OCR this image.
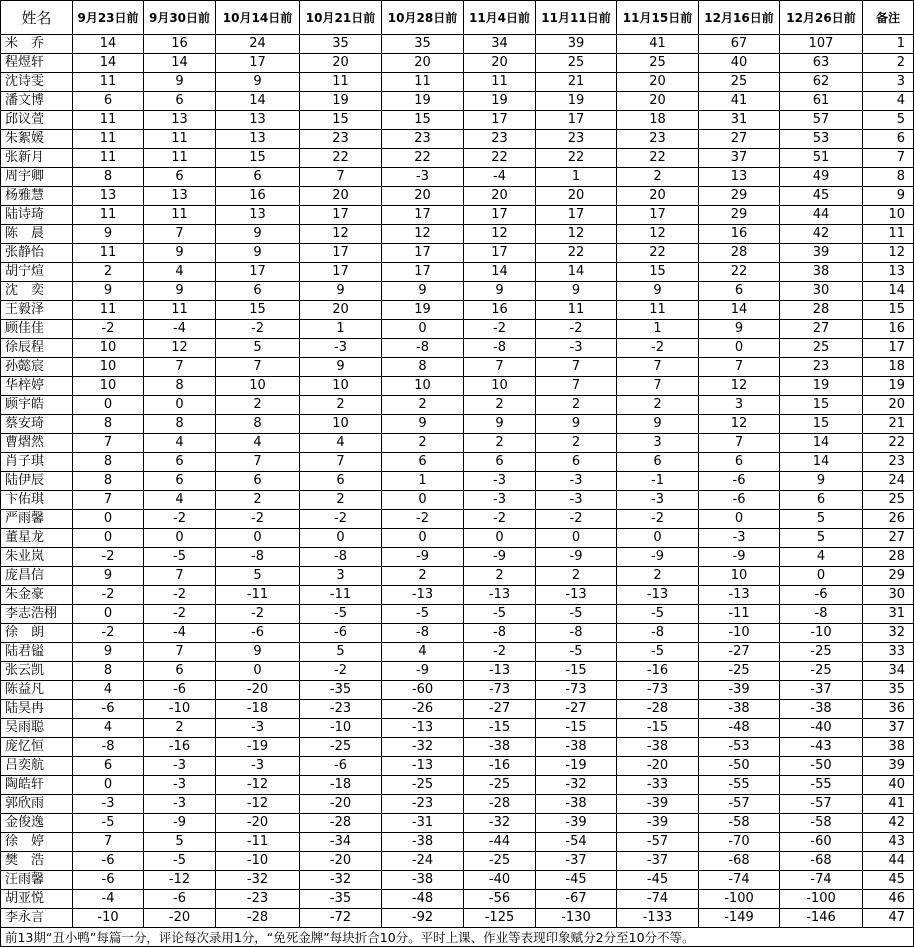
姓名	9月23日前	9月30日前	10月14日前	10月21日前	10月28日前	11月4日前	11月11日前	11月15日前	12月16日前	12月26日前	备注
米　乔	14	16	24	35	35	34	39	41	67	107	1
程煜轩	14	14	17	20	20	20	25	25	40	63	2
沈诗雯	11	9	9	11	11	11	21	20	25	62	3
潘文博	6	6	14	19	19	19	19	20	41	61	4
邱议萱	11	13	13	15	15	17	17	18	31	57	5
朱絮媛	11	11	13	23	23	23	23	23	27	53	6
张新月	11	11	15	22	22	22	22	22	37	51	7
周宇卿	8	6	6	7	-3	-4	1	2	13	49	8
杨雅慧	13	13	16	20	20	20	20	20	29	45	9
陆诗琦	11	11	13	17	17	17	17	17	29	44	10
陈　晨	9	7	9	12	12	12	12	12	16	42	11
张静怡	11	9	9	17	17	17	22	22	28	39	12
胡宁煊	2	4	17	17	17	14	14	15	22	38	13
沈　奕	9	9	6	9	9	9	9	9	6	30	14
王毅泽	11	11	15	20	19	16	11	11	14	28	15
顾佳佳	-2	-4	-2	1	0	-2	-2	1	9	27	16
徐辰程	10	12	5	-3	-8	-8	-3	-2	0	25	17
孙懿宸	10	7	7	9	8	7	7	7	7	23	18
华梓婷	10	8	10	10	10	10	7	7	12	19	19
顾宇皓	0	0	2	2	2	2	2	2	3	15	20
蔡安琦	8	8	8	10	9	9	9	9	12	15	21
曹熠然	7	4	4	4	2	2	2	3	7	14	22
肖子琪	8	6	7	7	6	6	6	6	6	14	23
陆伊辰	8	6	6	6	1	-3	-3	-1	-6	9	24
卞佑琪	7	4	2	2	0	-3	-3	-3	-6	6	25
严雨馨	0	-2	-2	-2	-2	-2	-2	-2	0	5	26
董星龙	0	0	0	0	0	0	0	0	-3	5	27
朱业岚	-2	-5	-8	-8	-9	-9	-9	-9	-9	4	28
庞昌信	9	7	5	3	2	2	2	2	10	0	29
朱金豪	-2	-2	-11	-11	-13	-13	-13	-13	-13	-6	30
李志浩栩	0	-2	-2	-5	-5	-5	-5	-5	-11	-8	31
徐　朗	-2	-4	-6	-6	-8	-8	-8	-8	-10	-10	32
陆君镒	9	7	9	5	4	-2	-5	-5	-27	-25	33
张云凯	8	6	0	-2	-9	-13	-15	-16	-25	-25	34
陈益凡	4	-6	-20	-35	-60	-73	-73	-73	-39	-37	35
陆昊冉	-6	-10	-18	-23	-26	-27	-27	-28	-38	-38	36
吴雨聪	4	2	-3	-10	-13	-15	-15	-15	-48	-40	37
庞忆恒	-8	-16	-19	-25	-32	-38	-38	-38	-53	-43	38
吕奕航	6	-3	-3	-6	-13	-16	-19	-20	-50	-50	39
陶皓轩	0	-3	-12	-18	-25	-25	-32	-33	-55	-55	40
郭欣雨	-3	-3	-12	-20	-23	-28	-38	-39	-57	-57	41
金俊逸	-5	-9	-20	-28	-31	-32	-39	-39	-58	-58	42
徐　婷	7	5	-11	-34	-38	-44	-54	-57	-70	-60	43
樊　浩	-6	-5	-10	-20	-24	-25	-37	-37	-68	-68	44
汪雨馨	-6	-12	-32	-32	-38	-40	-45	-45	-74	-74	45
胡亚悦	-4	-6	-23	-35	-48	-56	-67	-74	-100	-100	46
李永言	-10	-20	-28	-72	-92	-125	-130	-133	-149	-146	47
前13期“丑小鸭”每篇一分，评论每次录用1分，“免死金牌”每块折合10分。平时上课、作业等表现印象赋分2分至10分不等。											
